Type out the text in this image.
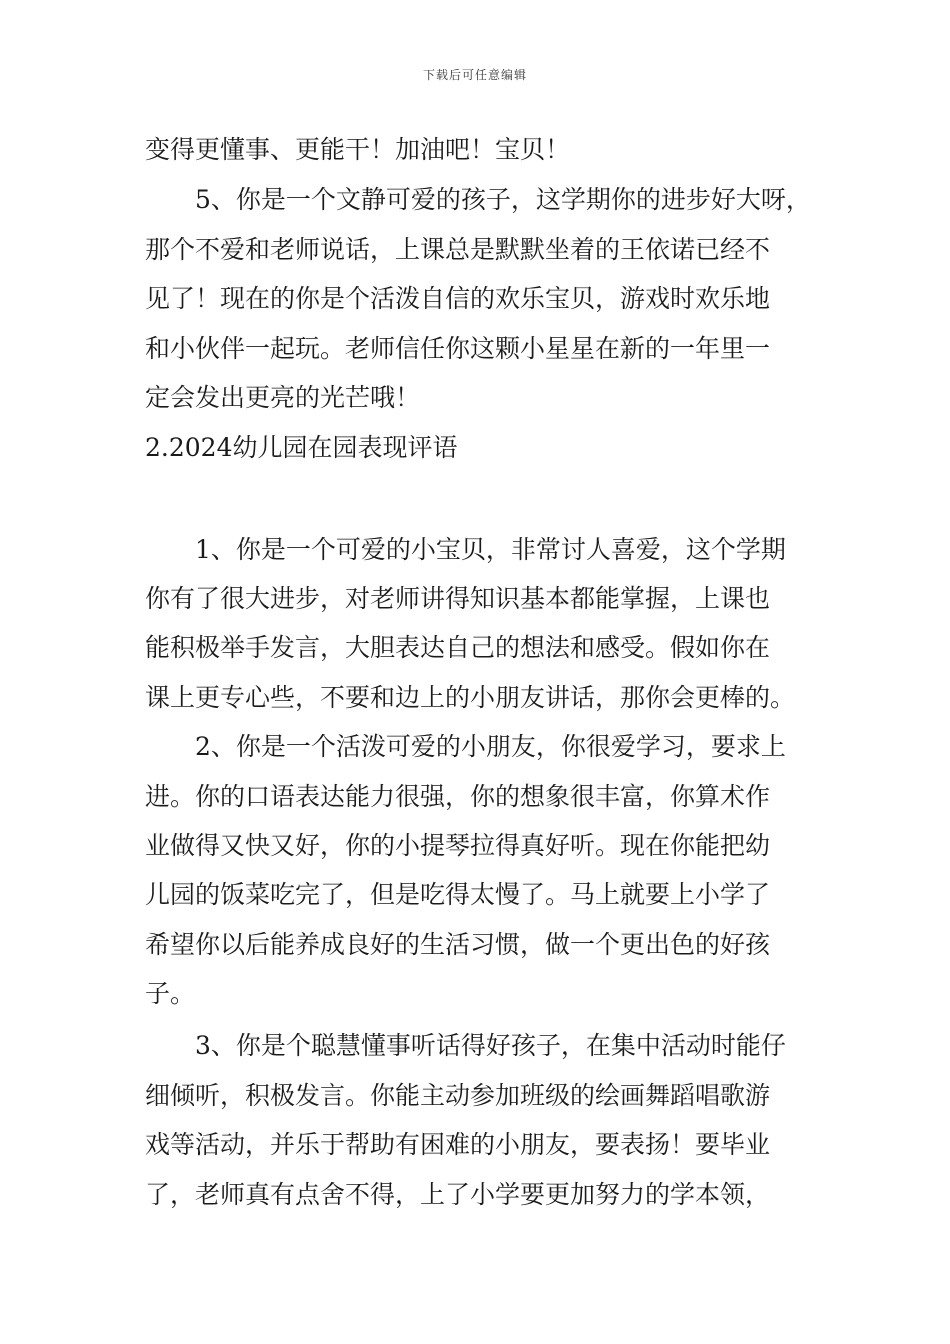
下载后可任意编辑
变得更懂事、更能干！加油吧！宝贝！
5、你是一个文静可爱的孩子，这学期你的进步好大呀，
那个不爱和老师说话，上课总是默默坐着的王依诺已经不
见了！现在的你是个活泼自信的欢乐宝贝，游戏时欢乐地
和小伙伴一起玩。老师信任你这颗小星星在新的一年里一
定会发出更亮的光芒哦！
2.2024幼儿园在园表现评语
1、你是一个可爱的小宝贝，非常讨人喜爱，这个学期
你有了很大进步，对老师讲得知识基本都能掌握，上课也
能积极举手发言，大胆表达自己的想法和感受。假如你在
课上更专心些，不要和边上的小朋友讲话，那你会更棒的。
2、你是一个活泼可爱的小朋友，你很爱学习，要求上
进。你的口语表达能力很强，你的想象很丰富，你算术作
业做得又快又好，你的小提琴拉得真好听。现在你能把幼
儿园的饭菜吃完了，但是吃得太慢了。马上就要上小学了
希望你以后能养成良好的生活习惯，做一个更出色的好孩
子。
3、你是个聪慧懂事听话得好孩子，在集中活动时能仔
细倾听，积极发言。你能主动参加班级的绘画舞蹈唱歌游
戏等活动，并乐于帮助有困难的小朋友，要表扬！要毕业
了，老师真有点舍不得，上了小学要更加努力的学本领，
